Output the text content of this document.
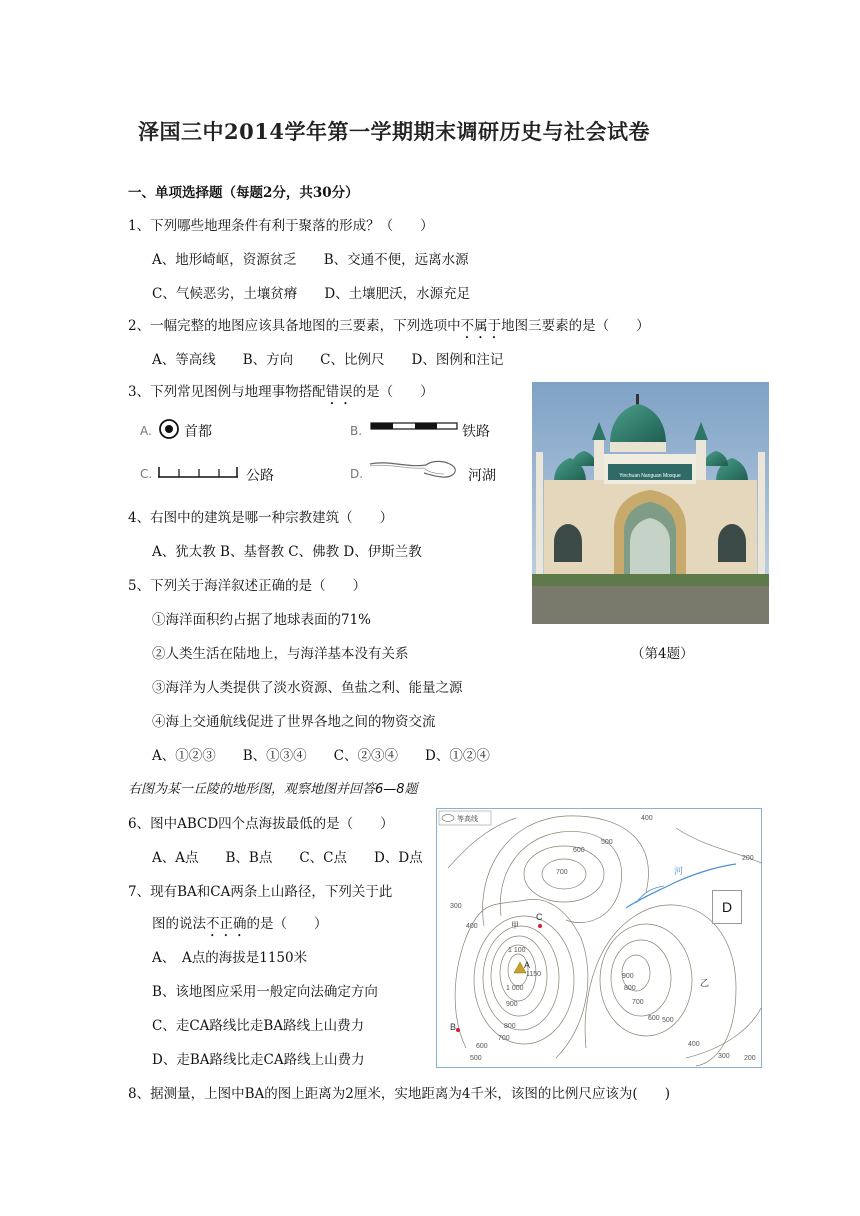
泽国三中2014学年第一学期期末调研历史与社会试卷
一、单项选择题（每题2分，共30分）
1、下列哪些地理条件有利于聚落的形成？（　　）
A、地形崎岖，资源贫乏　　B、交通不便，远离水源
C、气候恶劣，土壤贫瘠　　D、土壤肥沃，水源充足
2、一幅完整的地图应该具备地图的三要素，下列选项中不属于地图三要素的是（　　）
A、等高线　　B、方向　　C、比例尺　　D、图例和注记
3、下列常见图例与地理事物搭配错误的是（　　）
A. 首都	B.	铁路
C.	公路	D.	河湖
4、右图中的建筑是哪一种宗教建筑（　　）
A、犹太教 B、基督教 C、佛教 D、伊斯兰教
Yinchuan Nanguan Mosque
5、下列关于海洋叙述正确的是（　　）
①海洋面积约占据了地球表面的71%
②人类生活在陆地上，与海洋基本没有关系	（第4题）
③海洋为人类提供了淡水资源、鱼盐之利、能量之源
④海上交通航线促进了世界各地之间的物资交流
A、①②③　　B、①③④　　C、②③④　　D、①②④
右图为某一丘陵的地形图，观察地图并回答6—8题
6、图中ABCD四个点海拔最低的是（　　）
A、A点　　B、B点　　C、C点　　D、D点
7、现有BA和CA两条上山路径，下列关于此
图的说法不正确的是（　　）
A、　A点的海拔是1150米
B、该地图应采用一般定向法确定方向
C、走CA路线比走BA路线上山费力
D、走BA路线比走CA路线上山费力
8、据测量，上图中BA的图上距离为2厘米，实地距离为4千米，该图的比例尺应该为(　　)
等高线
河
400
500
600
700
200
300
400
1 100
1 000
900
800
700
600
500
1150	900
800
700
600 500
400
300 200
A
C
甲
B
乙
D
